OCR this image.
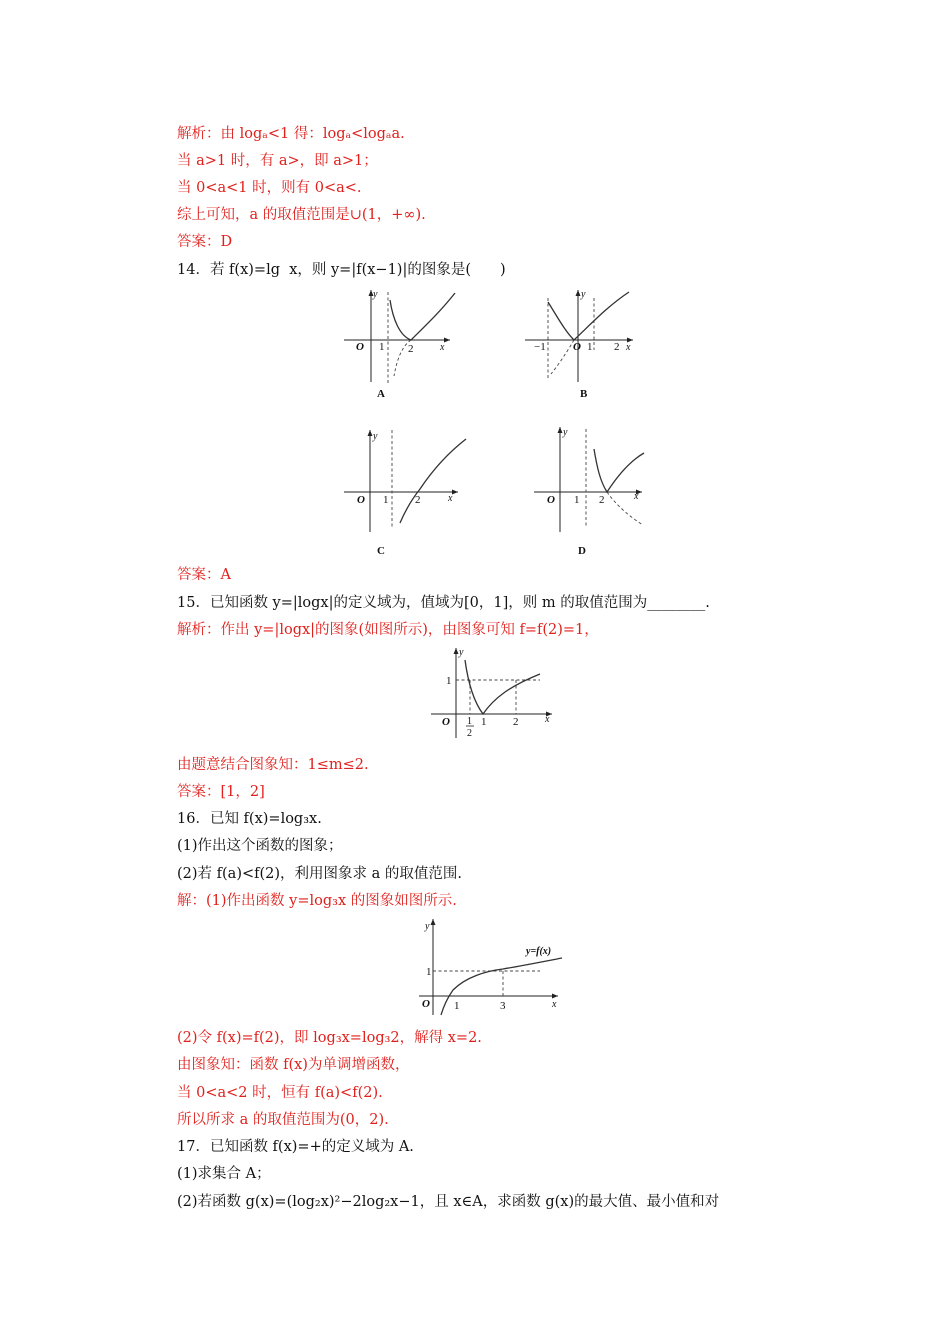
解析：由 logₐ<1 得：logₐ<logₐa.
当 a>1 时，有 a>，即 a>1；
当 0<a<1 时，则有 0<a<.
综上可知，a 的取值范围是∪(1，+∞).
答案：D
14．若 f(x)=lg  x，则 y=|f(x−1)|的图象是(　　)
y
O 1 2	x
A
y
−1 O 1 2 x
B
y
O 1 2	x
C
y
O 1 2	x
D
答案：A
15．已知函数 y=|logx|的定义域为，值域为[0，1]，则 m 的取值范围为________.
解析：作出 y=|logx|的图象(如图所示)，由图象可知 f=f(2)=1，
y
1
O 1
2
1 2	x
由题意结合图象知：1≤m≤2.
答案：[1，2]
16．已知 f(x)=log₃x.
(1)作出这个函数的图象；
(2)若 f(a)<f(2)，利用图象求 a 的取值范围.
解：(1)作出函数 y=log₃x 的图象如图所示.
y
1
O 1	3	x
y=f(x)
(2)令 f(x)=f(2)，即 log₃x=log₃2，解得 x=2.
由图象知：函数 f(x)为单调增函数，
当 0<a<2 时，恒有 f(a)<f(2).
所以所求 a 的取值范围为(0，2).
17．已知函数 f(x)=+的定义域为 A.
(1)求集合 A；
(2)若函数 g(x)=(log₂x)²−2log₂x−1，且 x∈A，求函数 g(x)的最大值、最小值和对
